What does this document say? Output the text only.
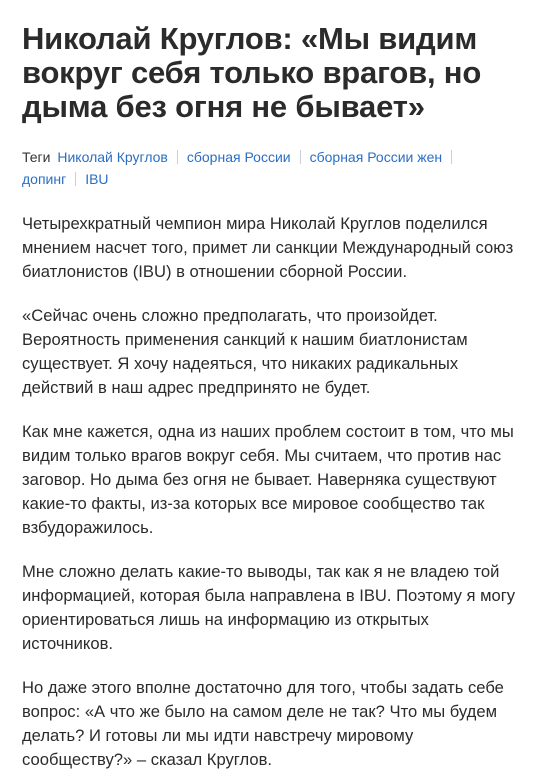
Николай Круглов: «Мы видим
вокруг себя только врагов, но
дыма без огня не бывает»
Теги Николай Круглов сборная России сборная России жен
допинг IBU

Четырехкратный чемпион мира Николай Круглов поделился
мнением насчет того, примет ли санкции Международный союз
биатлонистов (IBU) в отношении сборной России.

«Сейчас очень сложно предполагать, что произойдет.
Вероятность применения санкций к нашим биатлонистам
существует. Я хочу надеяться, что никаких радикальных
действий в наш адрес предпринято не будет.

Как мне кажется, одна из наших проблем состоит в том, что мы
видим только врагов вокруг себя. Мы считаем, что против нас
заговор. Но дыма без огня не бывает. Наверняка существуют
какие-то факты, из-за которых все мировое сообщество так
взбудоражилось.

Мне сложно делать какие-то выводы, так как я не владею той
информацией, которая была направлена в IBU. Поэтому я могу
ориентироваться лишь на информацию из открытых
источников.

Но даже этого вполне достаточно для того, чтобы задать себе
вопрос: «А что же было на самом деле не так? Что мы будем
делать? И готовы ли мы идти навстречу мировому
сообществу?» – сказал Круглов.
